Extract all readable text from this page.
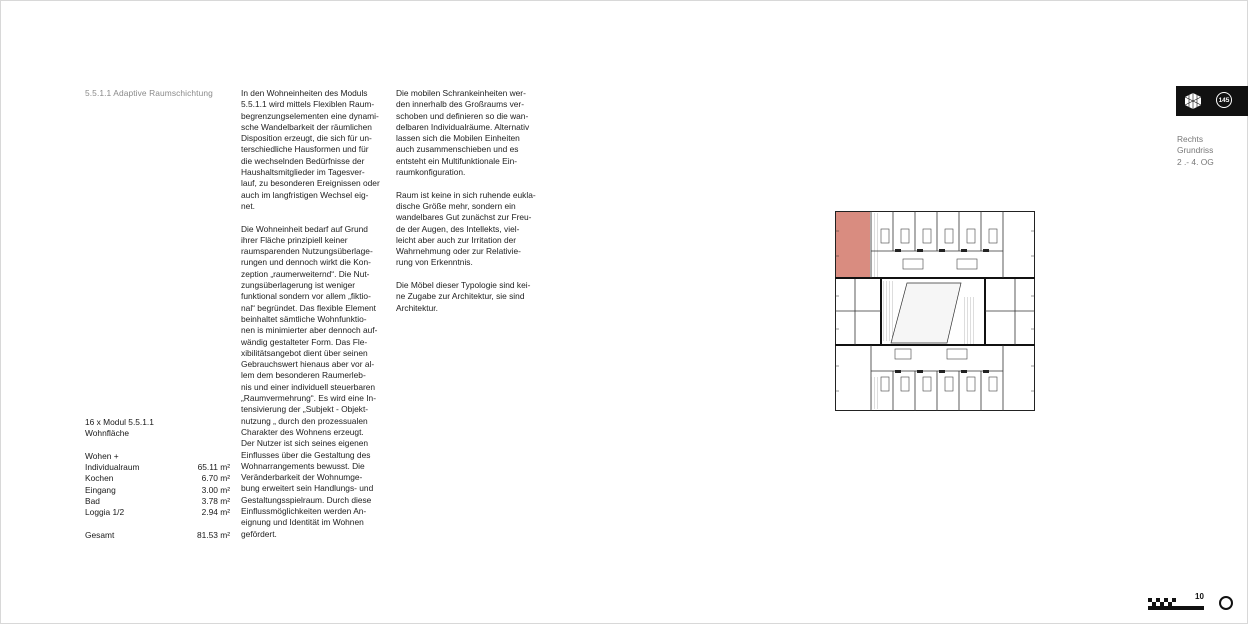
5.5.1.1 Adaptive Raumschichtung	In den Wohneinheiten des Moduls
5.5.1.1 wird mittels Flexiblen Raum-
begrenzungselementen eine dynami-
sche Wandelbarkeit der räumlichen
Disposition erzeugt, die sich für un-
terschiedliche Hausformen und für
die wechselnden Bedürfnisse der
Haushaltsmitglieder im Tagesver-
lauf, zu besonderen Ereignissen oder
auch im langfristigen Wechsel eig-
net.

Die Wohneinheit bedarf auf Grund
ihrer Fläche prinzipiell keiner
raumsparenden Nutzungsüberlage-
rungen und dennoch wirkt die Kon-
zeption „raumerweiternd“. Die Nut-
zungsüberlagerung ist weniger
funktional sondern vor allem „fiktio-
nal“ begründet. Das flexible Element
beinhaltet sämtliche Wohnfunktio-
nen is minimierter aber dennoch auf-
wändig gestalteter Form. Das Fle-
xibilitätsangebot dient über seinen
Gebrauchswert hienaus aber vor al-
lem dem besonderen Raumerleb-
nis und einer individuell steuerbaren
„Raumvermehrung“. Es wird eine In-
tensivierung der „Subjekt - Objekt-
nutzung „ durch den prozessualen
Charakter des Wohnens erzeugt.
Der Nutzer ist sich seines eigenen
Einflusses über die Gestaltung des
Wohnarrangements bewusst. Die
Veränderbarkeit der Wohnumge-
bung erweitert sein Handlungs- und
Gestaltungsspielraum. Durch diese
Einflussmöglichkeiten werden An-
eignung und Identität im Wohnen
gefördert.

Die mobilen Schrankeinheiten wer-
den innerhalb des Großraums ver-
schoben und definieren so die wan-
delbaren Individualräume. Alternativ
lassen sich die Mobilen Einheiten
auch zusammenschieben und es
entsteht ein Multifunktionale Ein-
raumkonfiguration.

Raum ist keine in sich ruhende eukla-
dische Größe mehr, sondern ein
wandelbares Gut zunächst zur Freu-
de der Augen, des Intellekts, viel-
leicht aber auch zur Irritation der
Wahrnehmung oder zur Relativie-
rung von Erkenntnis.

Die Möbel dieser Typologie sind kei-
ne Zugabe zur Architektur, sie sind
Architektur.

16 x Modul 5.5.1.1
Wohnfläche
Wohen +
Individualraum	65.11 m²
Kochen	6.70 m²
Eingang	3.00 m²
Bad	3.78 m²
Loggia 1/2	2.94 m²
Gesamt	81.53 m²
145
Rechts
Grundriss
2 .- 4. OG
10
